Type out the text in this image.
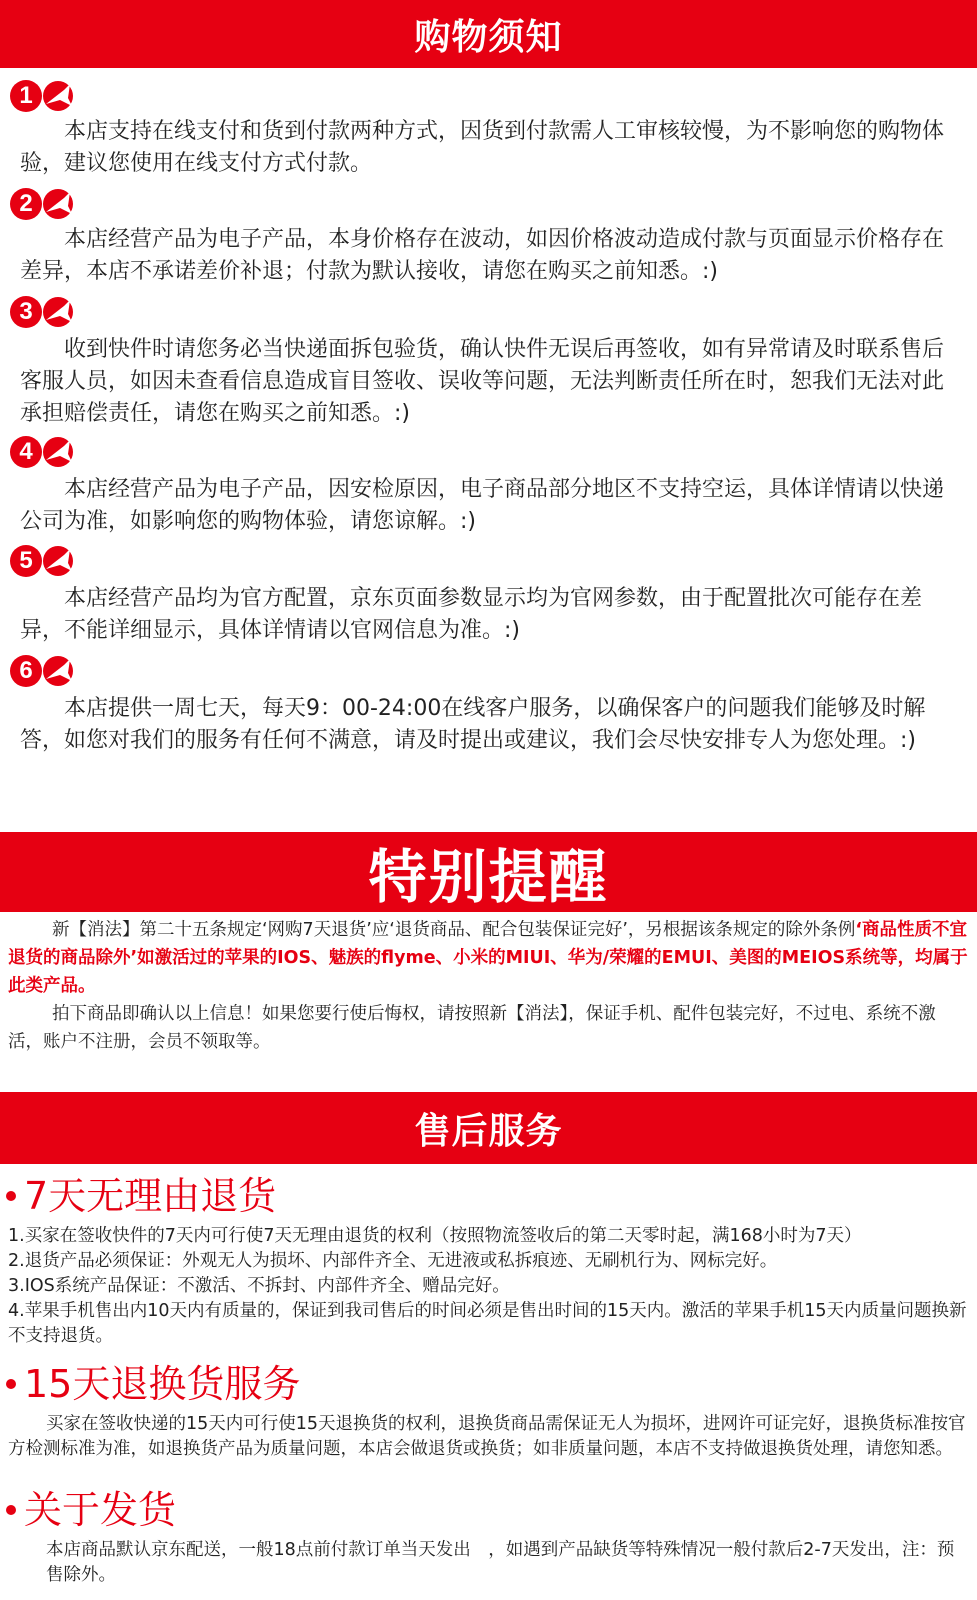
购物须知
1
本店支持在线支付和货到付款两种方式，因货到付款需人工审核较慢，为不影响您的购物体验，建议您使用在线支付方式付款。
2
本店经营产品为电子产品，本身价格存在波动，如因价格波动造成付款与页面显示价格存在差异，本店不承诺差价补退；付款为默认接收，请您在购买之前知悉。:)
3
收到快件时请您务必当快递面拆包验货，确认快件无误后再签收，如有异常请及时联系售后客服人员，如因未查看信息造成盲目签收、误收等问题，无法判断责任所在时，恕我们无法对此承担赔偿责任，请您在购买之前知悉。:)
4
本店经营产品为电子产品，因安检原因，电子商品部分地区不支持空运，具体详情请以快递公司为准，如影响您的购物体验，请您谅解。:)
5
本店经营产品均为官方配置，京东页面参数显示均为官网参数，由于配置批次可能存在差异，不能详细显示，具体详情请以官网信息为准。:)
6
本店提供一周七天，每天9：00-24:00在线客户服务，以确保客户的问题我们能够及时解答，如您对我们的服务有任何不满意，请及时提出或建议，我们会尽快安排专人为您处理。:)
特别提醒
新【消法】第二十五条规定‘网购7天退货’应‘退货商品、配合包装保证完好’，另根据该条规定的除外条例‘商品性质不宜退货的商品除外’如激活过的苹果的IOS、魅族的flyme、小米的MIUI、华为/荣耀的EMUI、美图的MEIOS系统等，均属于此类产品。
拍下商品即确认以上信息！如果您要行使后悔权，请按照新【消法】，保证手机、配件包装完好，不过电、系统不激活，账户不注册，会员不领取等。
售后服务
7天无理由退货

1.买家在签收快件的7天内可行使7天无理由退货的权利（按照物流签收后的第二天零时起，满168小时为7天）

2.退货产品必须保证：外观无人为损坏、内部件齐全、无进液或私拆痕迹、无刷机行为、网标完好。

3.IOS系统产品保证：不激活、不拆封、内部件齐全、赠品完好。

4.苹果手机售出内10天内有质量的，保证到我司售后的时间必须是售出时间的15天内。激活的苹果手机15天内质量问题换新不支持退货。

15天退换货服务
买家在签收快递的15天内可行使15天退换货的权利，退换货商品需保证无人为损坏，进网许可证完好，退换货标准按官方检测标准为准，如退换货产品为质量问题，本店会做退货或换货；如非质量问题，本店不支持做退换货处理，请您知悉。
关于发货
本店商品默认京东配送，一般18点前付款订单当天发出　，如遇到产品缺货等特殊情况一般付款后2-7天发出，注：预售除外。
